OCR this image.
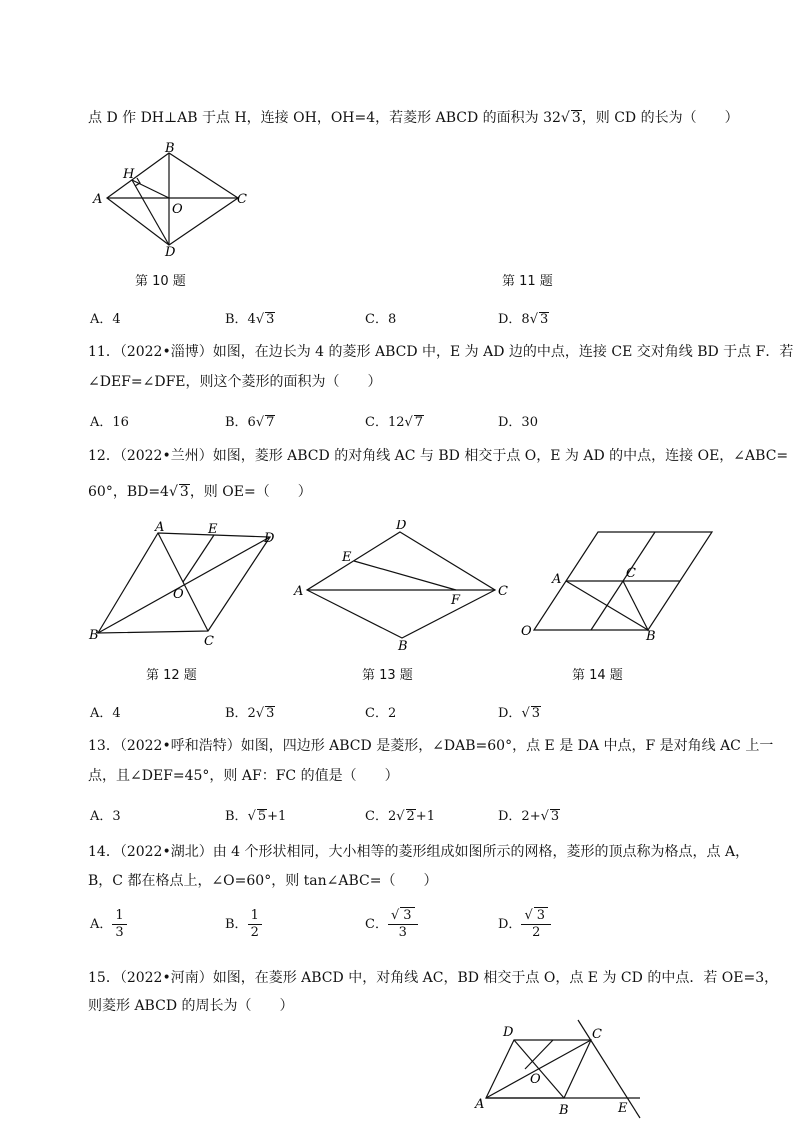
点 D 作 DH⊥AB 于点 H，连接 OH，OH=4，若菱形 ABCD 的面积为 32√ 3，则 CD 的长为（　　）
A
B
C
D
H
O
第 10 题	第 11 题
A．4	B．4√ 3	C．8	D．8√ 3
11．（2022•淄博）如图，在边长为 4 的菱形 ABCD 中，E 为 AD 边的中点，连接 CE 交对角线 BD 于点 F．若
∠DEF=∠DFE，则这个菱形的面积为（　　）
A．16	B．6√ 7	C．12√ 7	D．30
12．（2022•兰州）如图，菱形 ABCD 的对角线 AC 与 BD 相交于点 O，E 为 AD 的中点，连接 OE，∠ABC=
60°，BD=4√ 3，则 OE=（　　）
A	E
D
O
B	C
D
E
A
F
C
B
A	C
O	B
第 12 题	第 13 题	第 14 题
A．4	B．2√ 3	C．2	D．√ 3
13．（2022•呼和浩特）如图，四边形 ABCD 是菱形，∠DAB=60°，点 E 是 DA 中点，F 是对角线 AC 上一
点，且∠DEF=45°，则 AF：FC 的值是（　　）
A．3	B．√ 5+1	C．2√ 2+1	D．2+√ 3
14．（2022•湖北）由 4 个形状相同，大小相等的菱形组成如图所示的网格，菱形的顶点称为格点，点 A，
B，C 都在格点上，∠O=60°，则 tan∠ABC=（　　）
A． $\frac{1}{3}$	B． $\frac{1}{2}$	C． $\frac{√ 3}{3}$	D． $\frac{√ 3}{2}$
15．（2022•河南）如图，在菱形 ABCD 中，对角线 AC，BD 相交于点 O，点 E 为 CD 的中点．若 OE=3，
则菱形 ABCD 的周长为（　　）
D	C
O
A	B	E
